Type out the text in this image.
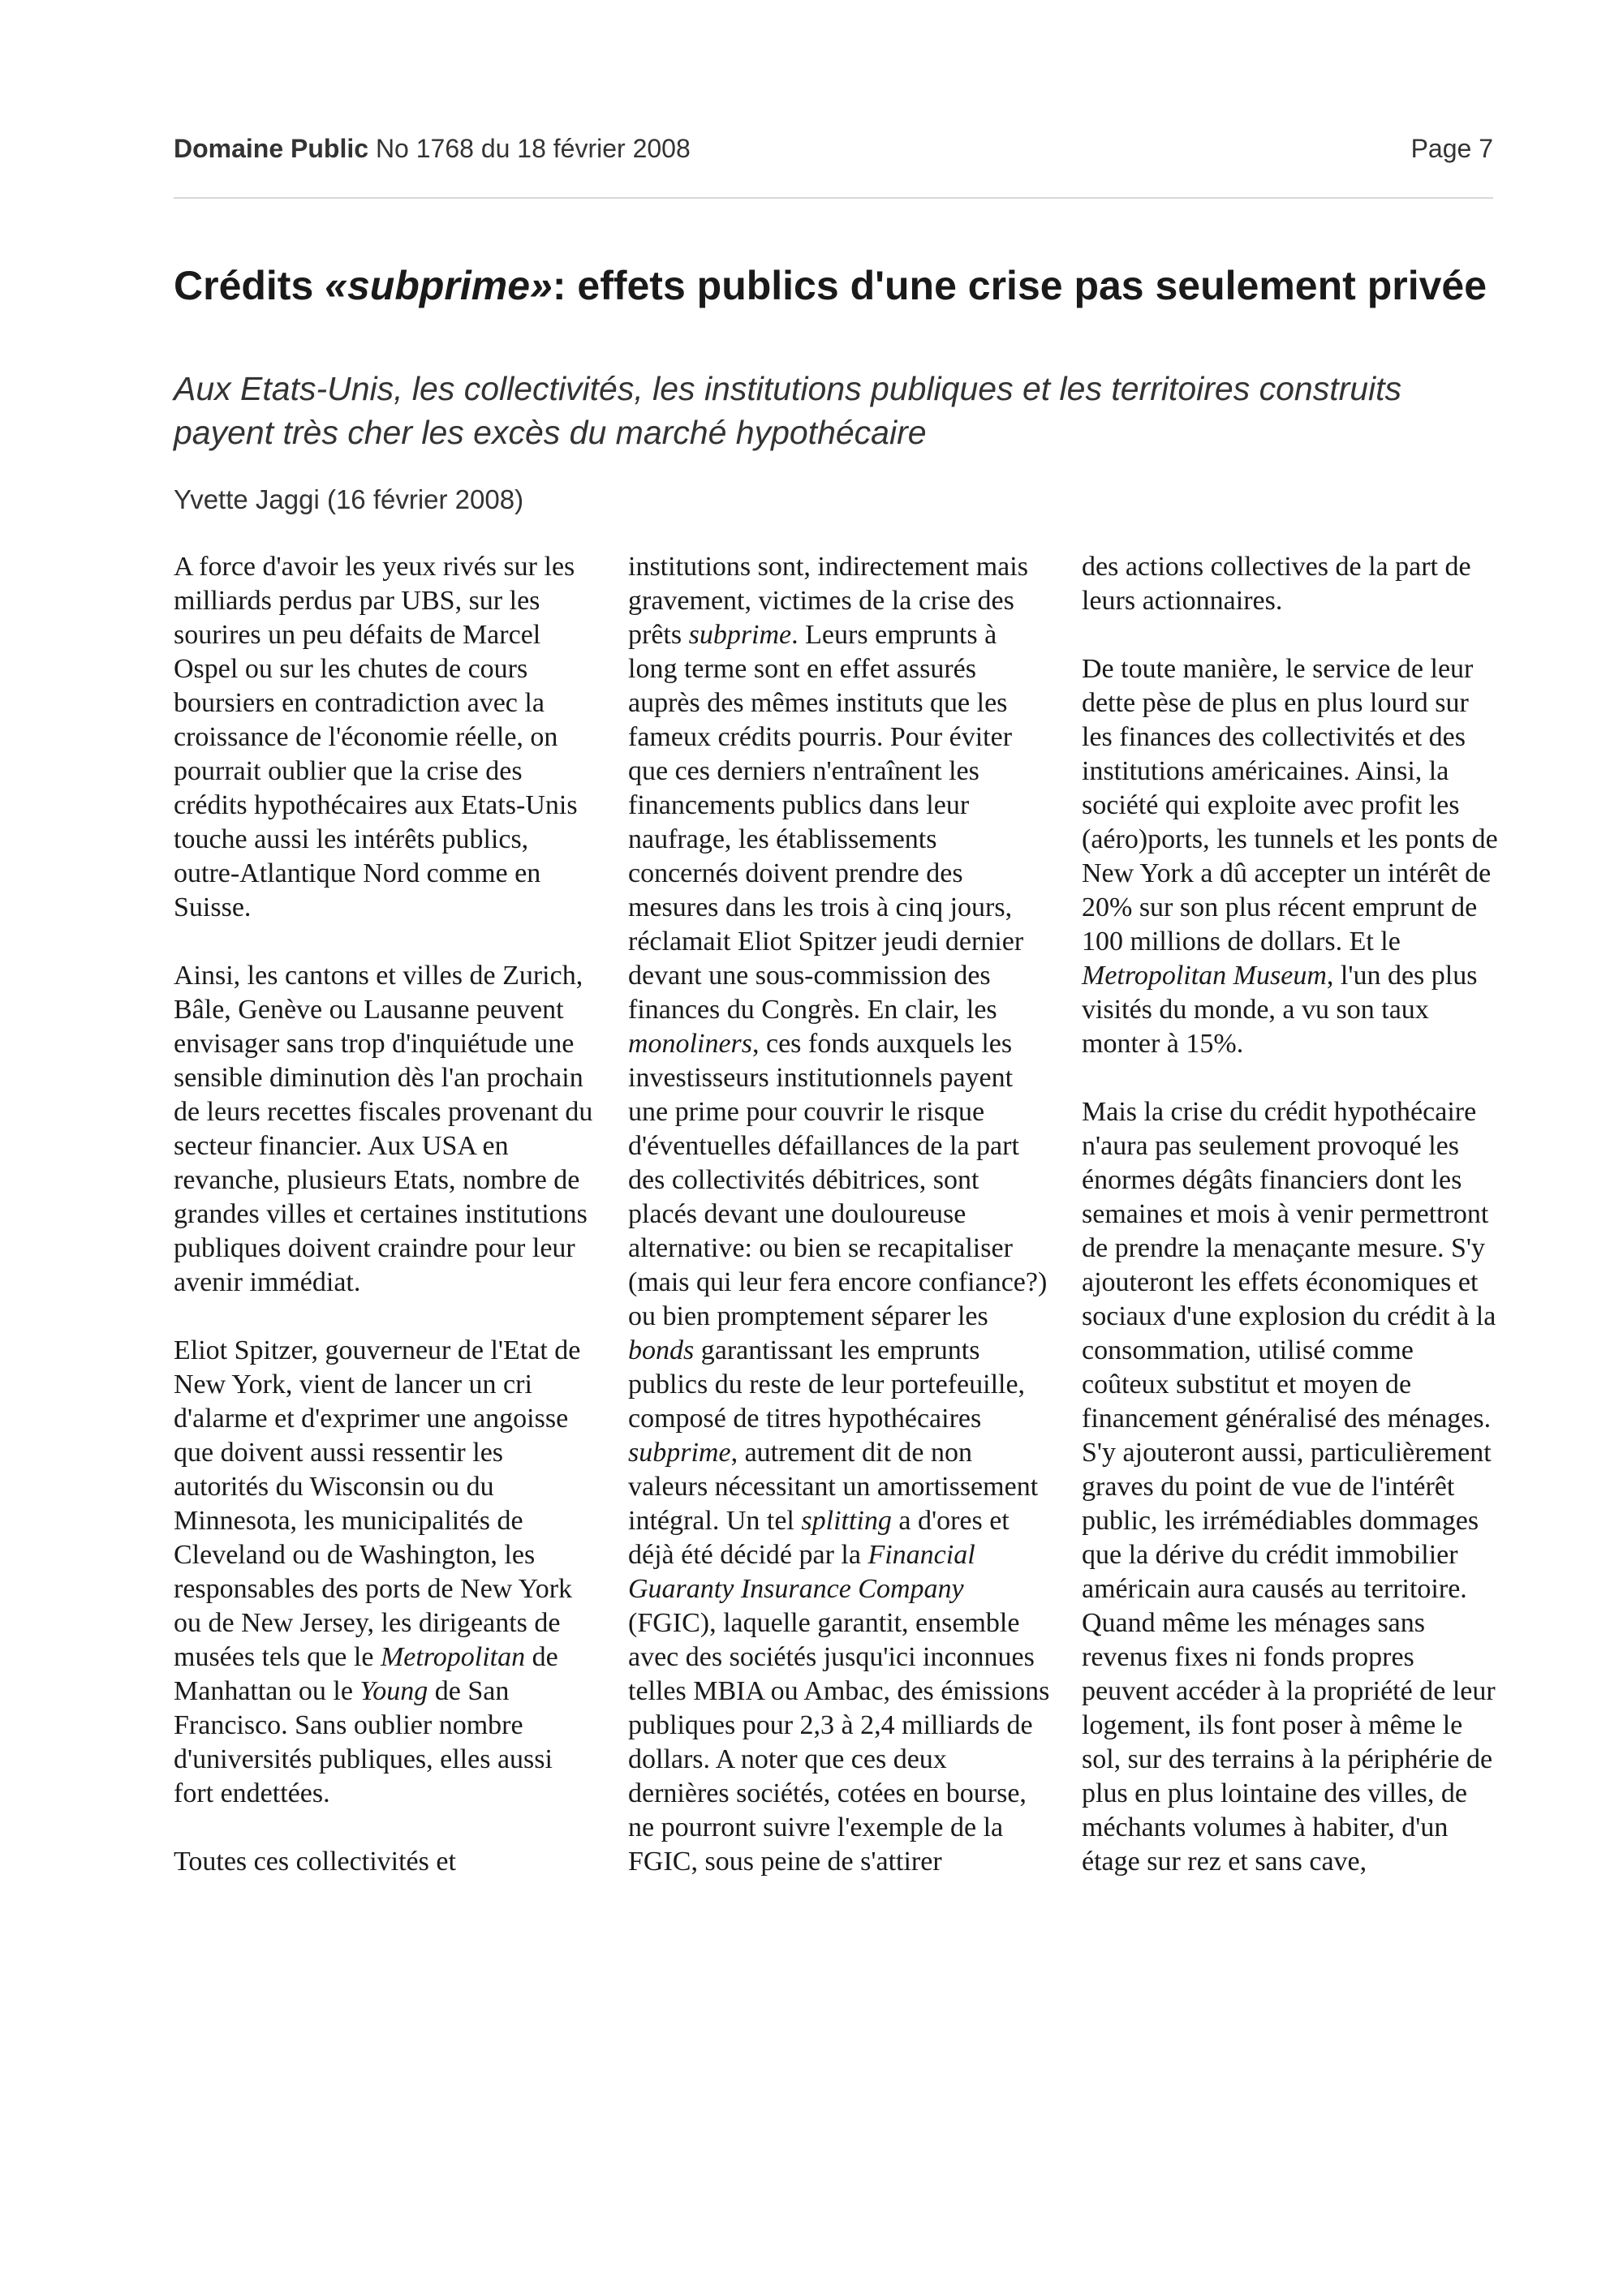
Domaine Public No 1768 du 18 février 2008	Page 7
Crédits «subprime»: effets publics d'une crise pas seulement privée

Aux Etats-Unis, les collectivités, les institutions publiques et les territoires construits payent très cher les excès du marché hypothécaire

Yvette Jaggi (16 février 2008)

A force d'avoir les yeux rivés sur les milliards perdus par UBS, sur les sourires un peu défaits de Marcel Ospel ou sur les chutes de cours boursiers en contradiction avec la croissance de l'économie réelle, on pourrait oublier que la crise des crédits hypothécaires aux Etats-Unis touche aussi les intérêts publics, outre-Atlantique Nord comme en Suisse.

Ainsi, les cantons et villes de Zurich, Bâle, Genève ou Lausanne peuvent envisager sans trop d'inquiétude une sensible diminution dès l'an prochain de leurs recettes fiscales provenant du secteur financier. Aux USA en revanche, plusieurs Etats, nombre de grandes villes et certaines institutions publiques doivent craindre pour leur avenir immédiat.

Eliot Spitzer, gouverneur de l'Etat de New York, vient de lancer un cri d'alarme et d'exprimer une angoisse que doivent aussi ressentir les autorités du Wisconsin ou du Minnesota, les municipalités de Cleveland ou de Washington, les responsables des ports de New York ou de New Jersey, les dirigeants de musées tels que le Metropolitan de Manhattan ou le Young de San Francisco. Sans oublier nombre d'universités publiques, elles aussi fort endettées.

Toutes ces collectivités et

institutions sont, indirectement mais gravement, victimes de la crise des prêts subprime. Leurs emprunts à long terme sont en effet assurés auprès des mêmes instituts que les fameux crédits pourris. Pour éviter que ces derniers n'entraînent les financements publics dans leur naufrage, les établissements concernés doivent prendre des mesures dans les trois à cinq jours, réclamait Eliot Spitzer jeudi dernier devant une sous-commission des finances du Congrès. En clair, les monoliners, ces fonds auxquels les investisseurs institutionnels payent une prime pour couvrir le risque d'éventuelles défaillances de la part des collectivités débitrices, sont placés devant une douloureuse alternative: ou bien se recapitaliser (mais qui leur fera encore confiance?) ou bien promptement séparer les bonds garantissant les emprunts publics du reste de leur portefeuille, composé de titres hypothécaires subprime, autrement dit de non valeurs nécessitant un amortissement intégral. Un tel splitting a d'ores et déjà été décidé par la Financial Guaranty Insurance Company (FGIC), laquelle garantit, ensemble avec des sociétés jusqu'ici inconnues telles MBIA ou Ambac, des émissions publiques pour 2,3 à 2,4 milliards de dollars. A noter que ces deux dernières sociétés, cotées en bourse, ne pourront suivre l'exemple de la FGIC, sous peine de s'attirer

des actions collectives de la part de leurs actionnaires.

De toute manière, le service de leur dette pèse de plus en plus lourd sur les finances des collectivités et des institutions américaines. Ainsi, la société qui exploite avec profit les (aéro)ports, les tunnels et les ponts de New York a dû accepter un intérêt de 20% sur son plus récent emprunt de 100 millions de dollars. Et le Metropolitan Museum, l'un des plus visités du monde, a vu son taux monter à 15%.

Mais la crise du crédit hypothécaire n'aura pas seulement provoqué les énormes dégâts financiers dont les semaines et mois à venir permettront de prendre la menaçante mesure. S'y ajouteront les effets économiques et sociaux d'une explosion du crédit à la consommation, utilisé comme coûteux substitut et moyen de financement généralisé des ménages. S'y ajouteront aussi, particulièrement graves du point de vue de l'intérêt public, les irrémédiables dommages que la dérive du crédit immobilier américain aura causés au territoire. Quand même les ménages sans revenus fixes ni fonds propres peuvent accéder à la propriété de leur logement, ils font poser à même le sol, sur des terrains à la périphérie de plus en plus lointaine des villes, de méchants volumes à habiter, d'un étage sur rez et sans cave,
